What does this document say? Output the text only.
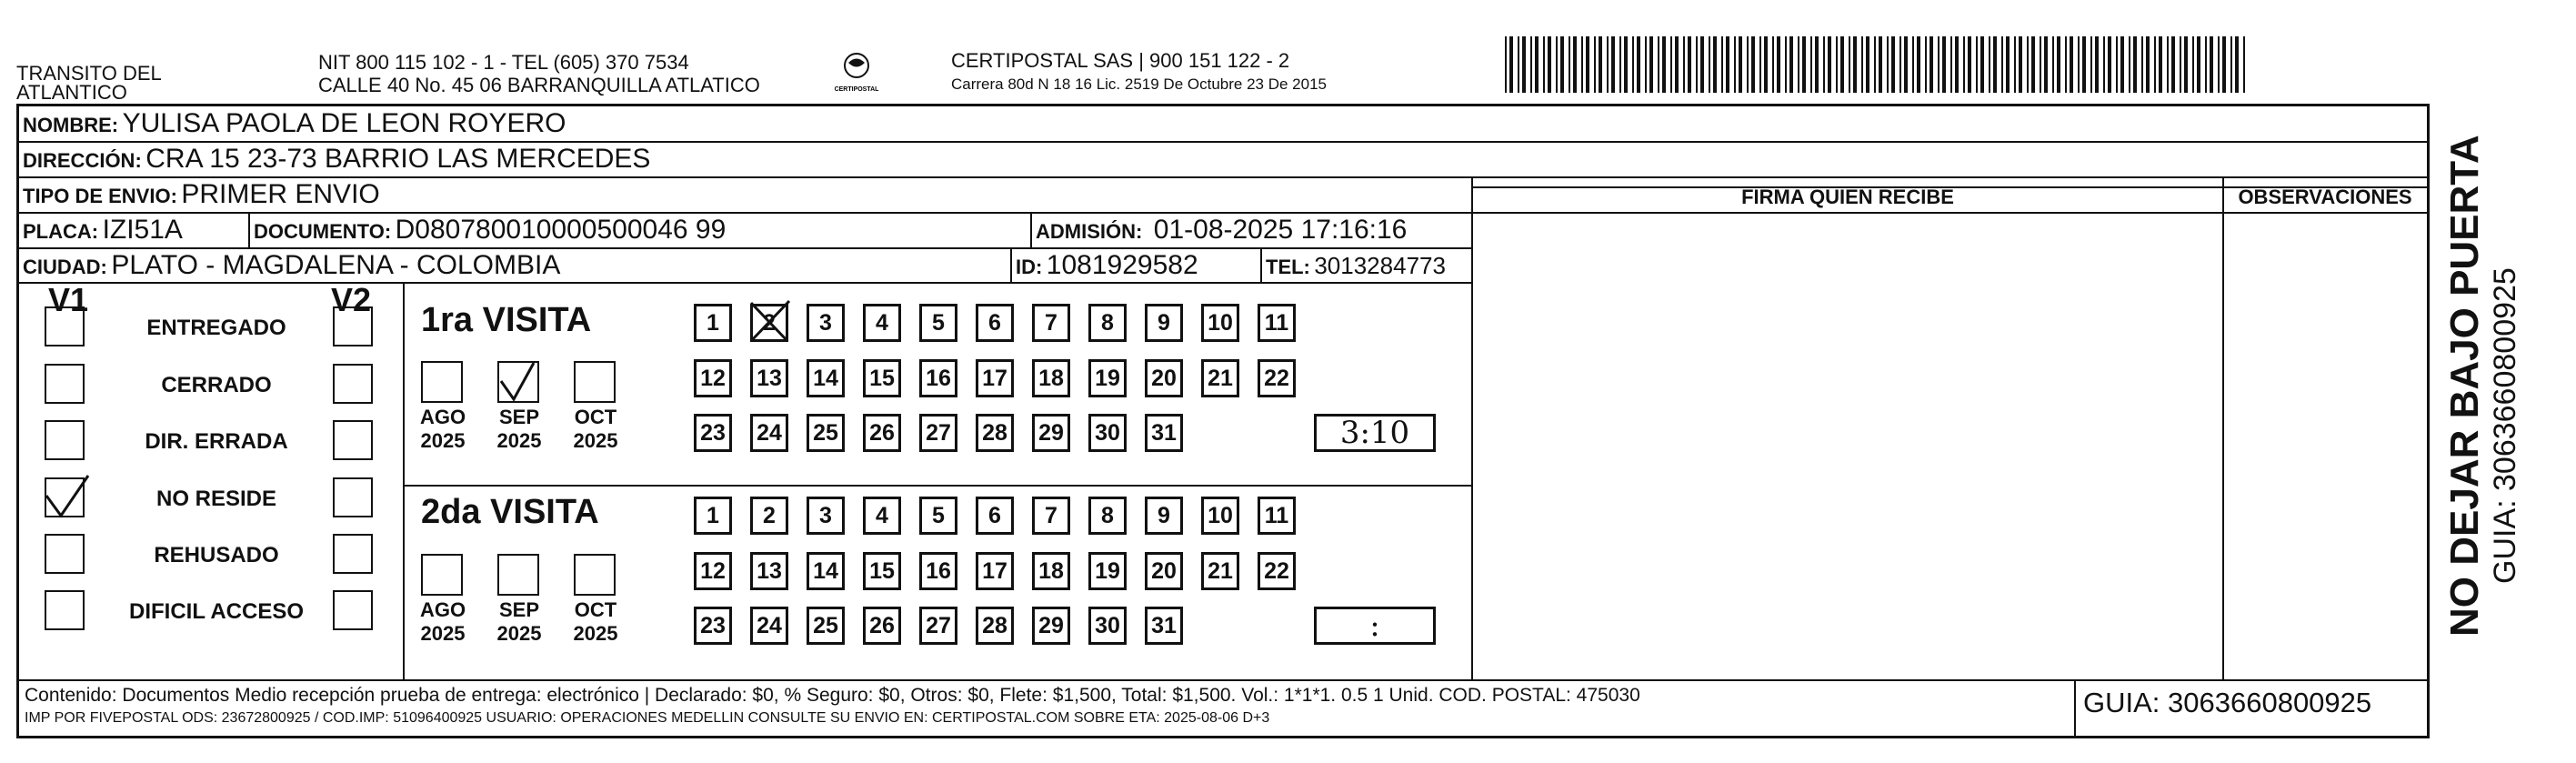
TRANSITO DEL
ATLANTICO
NIT 800 115 102 - 1 - TEL (605) 370 7534
CALLE 40 No. 45 06 BARRANQUILLA ATLATICO	CERTIPOSTAL
CERTIPOSTAL SAS | 900 151 122 - 2
Carrera 80d N 18 16 Lic. 2519 De Octubre 23 De 2015
NOMBRE: YULISA PAOLA DE LEON ROYERO
DIRECCIÓN: CRA 15 23-73 BARRIO LAS MERCEDES
TIPO DE ENVIO: PRIMER ENVIO	FIRMA QUIEN RECIBE	OBSERVACIONES
PLACA: IZI51A	DOCUMENTO: D080780010000500046 99	ADMISIÓN: 01-08-2025 17:16:16
CIUDAD: PLATO - MAGDALENA - COLOMBIA	ID: 1081929582	TEL: 3013284773
V1	V2
ENTREGADO
CERRADO
DIR. ERRADA
NO RESIDE
REHUSADO
DIFICIL ACCESO
1ra VISITA
2da VISITA
AGO
2025
SEP
2025
OCT
2025
1	2	3	4	5	6	7	8	9	10	11
12 13 14 15 16 17 18 19 20 21 22
23 24 25 26 27 28 29 30 31	3:10
AGO
2025
SEP
2025
OCT
2025
1	2	3	4	5	6	7	8	9	10	11
12 13 14 15 16 17 18 19 20 21 22
23 24 25 26 27 28 29 30 31	:
Contenido: Documentos Medio recepción prueba de entrega: electrónico | Declarado: $0, % Seguro: $0, Otros: $0, Flete: $1,500, Total: $1,500. Vol.: 1*1*1. 0.5 1 Unid. COD. POSTAL: 475030
IMP POR FIVEPOSTAL ODS: 23672800925 / COD.IMP: 51096400925 USUARIO: OPERACIONES MEDELLIN CONSULTE SU ENVIO EN: CERTIPOSTAL.COM SOBRE ETA: 2025-08-06 D+3	GUIA: 3063660800925
NO DEJAR BAJO PUERTA GUIA: 3063660800925
